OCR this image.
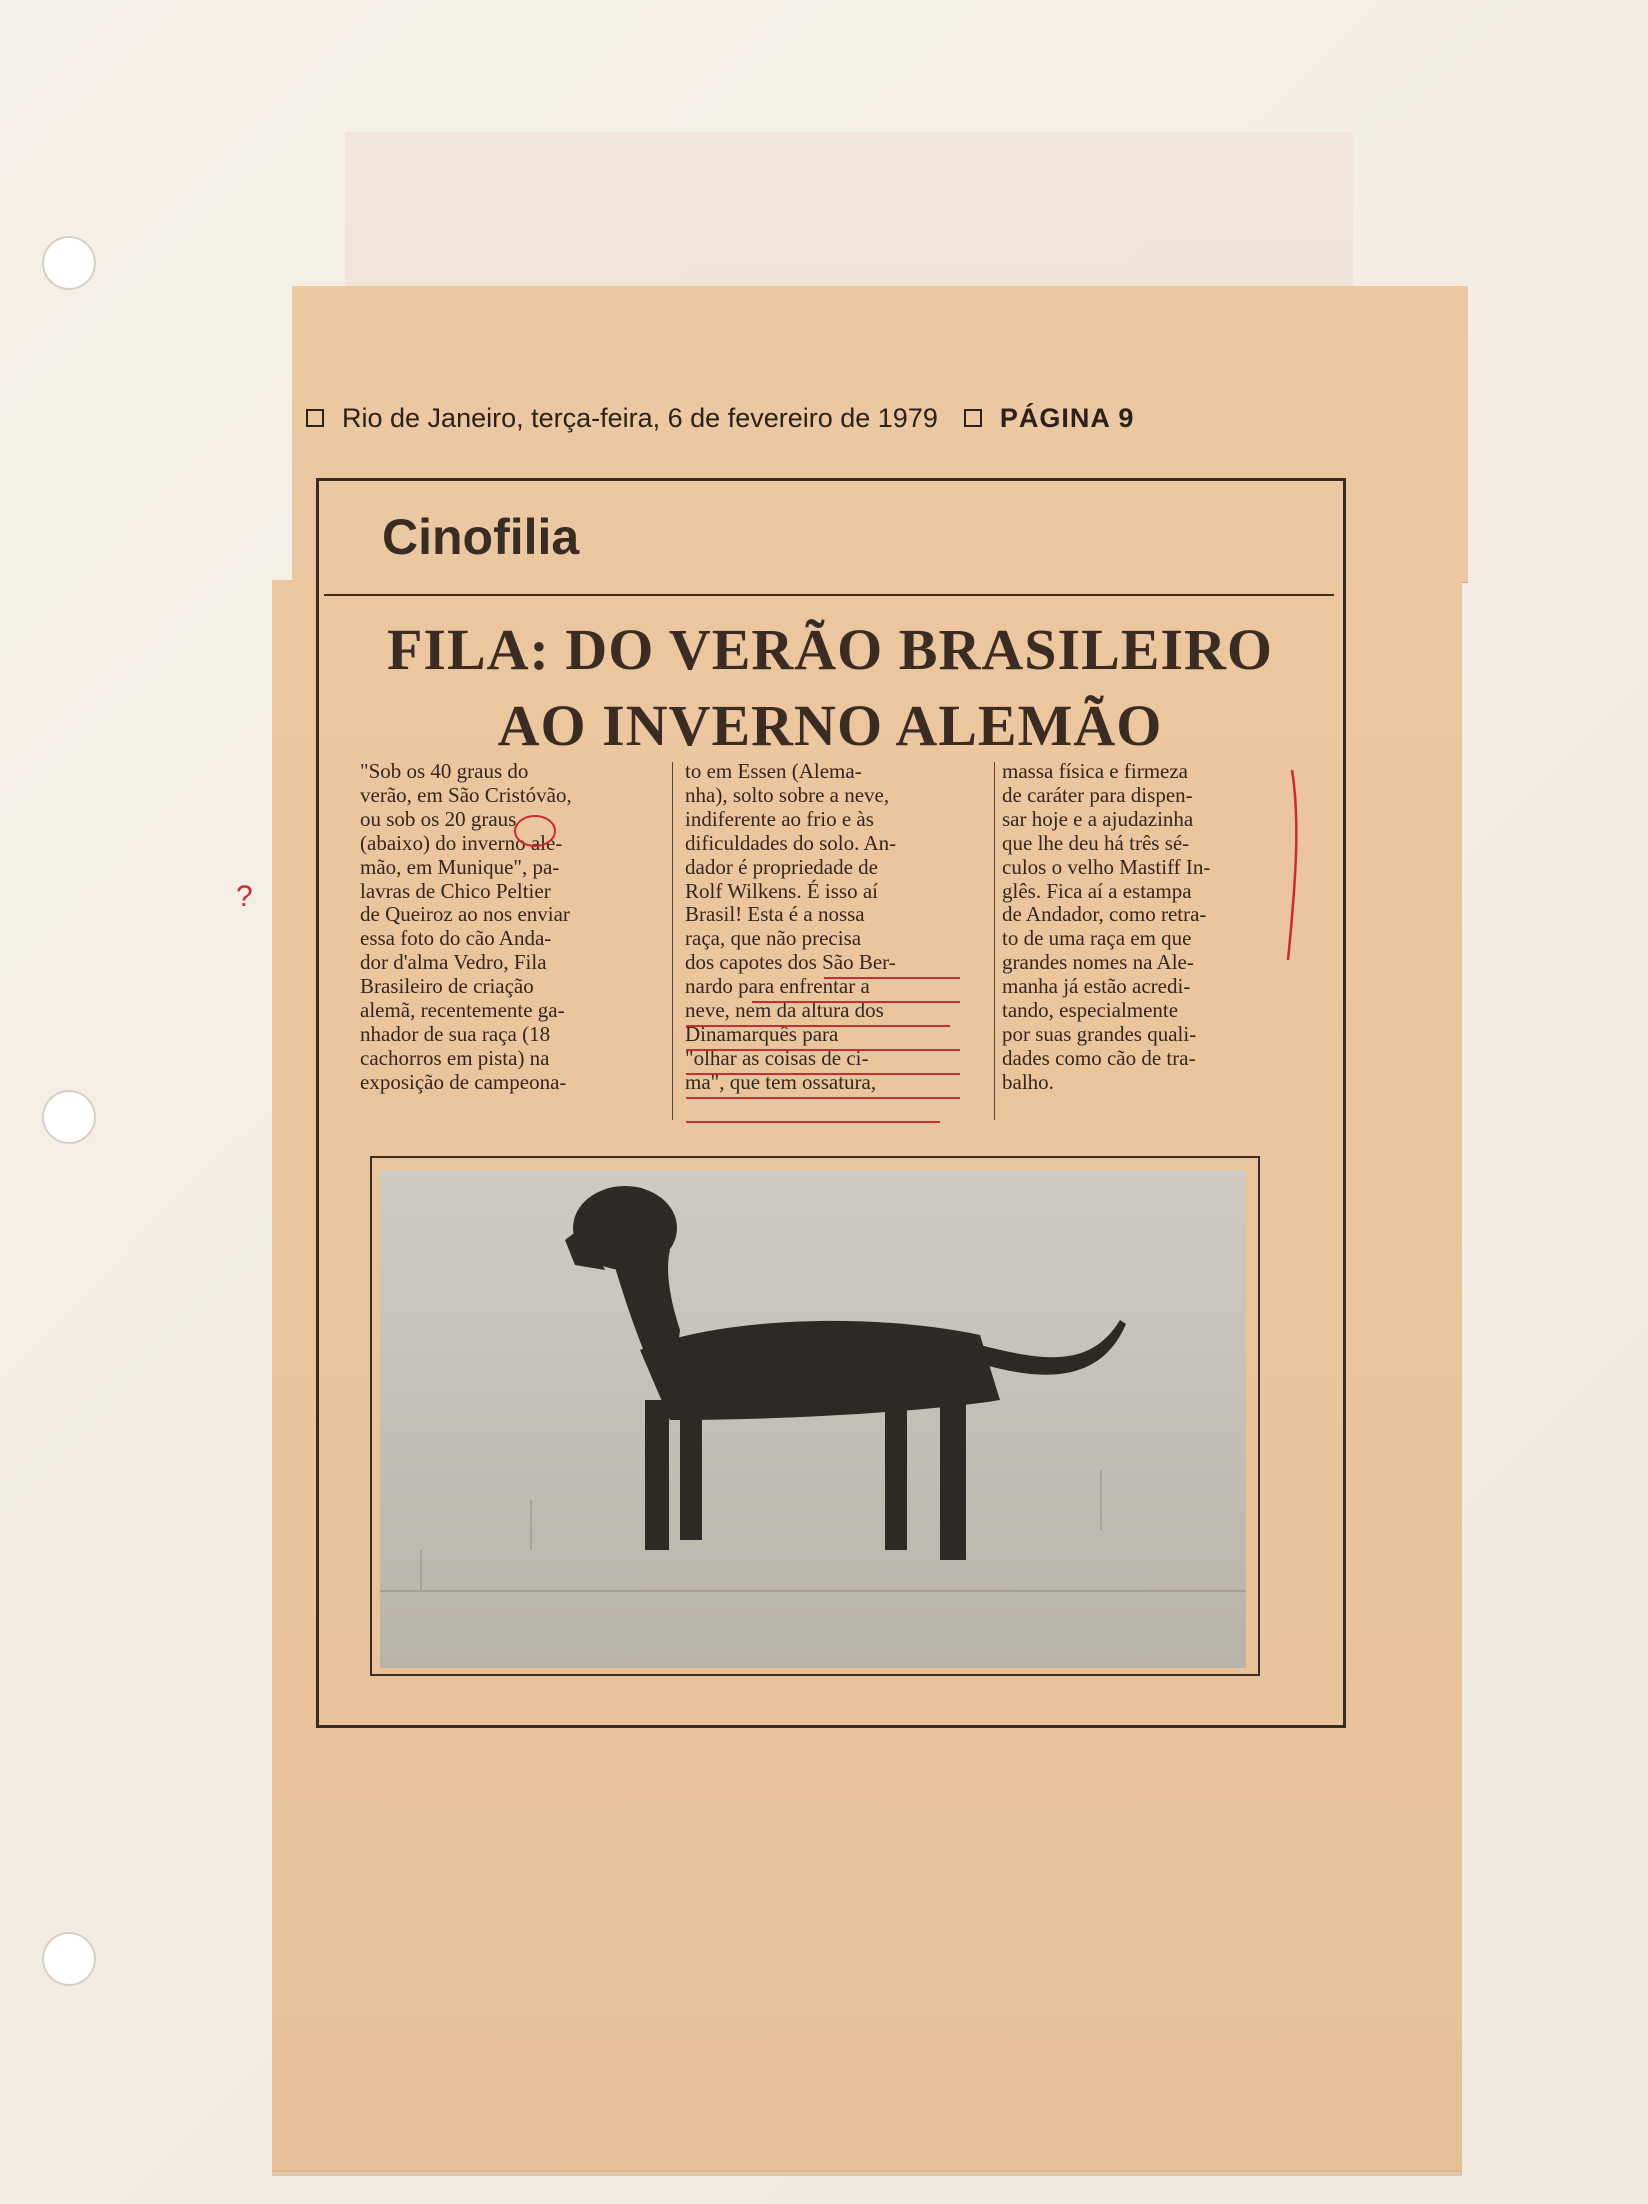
Rio de Janeiro, terça-feira, 6 de fevereiro de 1979 PÁGINA 9
Cinofilia
FILA: DO VERÃO BRASILEIRO
AO INVERNO ALEMÃO
"Sob os 40 graus do
verão, em São Cristóvão,
ou sob os 20 graus
(abaixo) do inverno ale-
mão, em Munique", pa-
lavras de Chico Peltier
de Queiroz ao nos enviar
essa foto do cão Anda-
dor d'alma Vedro, Fila
Brasileiro de criação
alemã, recentemente ga-
nhador de sua raça (18
cachorros em pista) na
exposição de campeona-
to em Essen (Alema-
nha), solto sobre a neve,
indiferente ao frio e às
dificuldades do solo. An-
dador é propriedade de
Rolf Wilkens. É isso aí
Brasil! Esta é a nossa
raça, que não precisa
dos capotes dos São Ber-
nardo para enfrentar a
neve, nem da altura dos
Dinamarquês para
"olhar as coisas de ci-
ma", que tem ossatura,
massa física e firmeza
de caráter para dispen-
sar hoje e a ajudazinha
que lhe deu há três sé-
culos o velho Mastiff In-
glês. Fica aí a estampa
de Andador, como retra-
to de uma raça em que
grandes nomes na Ale-
manha já estão acredi-
tando, especialmente
por suas grandes quali-
dades como cão de tra-
balho.
?
